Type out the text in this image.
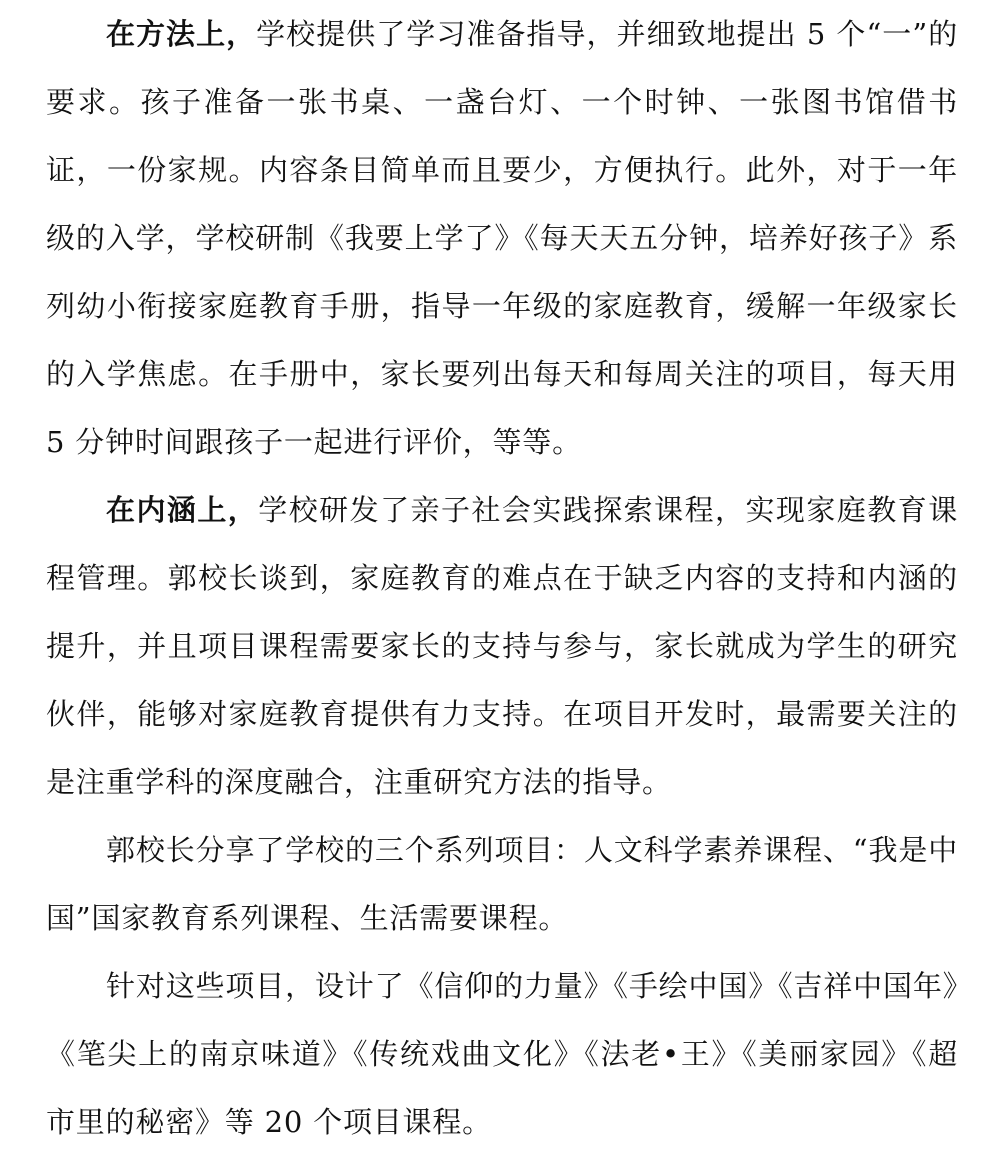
在方法上，学校提供了学习准备指导，并细致地提出 5 个“一”的要求。孩子准备一张书桌、一盏台灯、一个时钟、一张图书馆借书证，一份家规。内容条目简单而且要少，方便执行。此外，对于一年级的入学，学校研制《我要上学了》《每天天五分钟，培养好孩子》系列幼小衔接家庭教育手册，指导一年级的家庭教育，缓解一年级家长的入学焦虑。在手册中，家长要列出每天和每周关注的项目，每天用 5 分钟时间跟孩子一起进行评价，等等。

在内涵上，学校研发了亲子社会实践探索课程，实现家庭教育课程管理。郭校长谈到，家庭教育的难点在于缺乏内容的支持和内涵的提升，并且项目课程需要家长的支持与参与，家长就成为学生的研究伙伴，能够对家庭教育提供有力支持。在项目开发时，最需要关注的是注重学科的深度融合，注重研究方法的指导。

郭校长分享了学校的三个系列项目：人文科学素养课程、“我是中国”国家教育系列课程、生活需要课程。

针对这些项目，设计了《信仰的力量》《手绘中国》《吉祥中国年》《笔尖上的南京味道》《传统戏曲文化》《法老•王》《美丽家园》《超市里的秘密》等 20 个项目课程。
